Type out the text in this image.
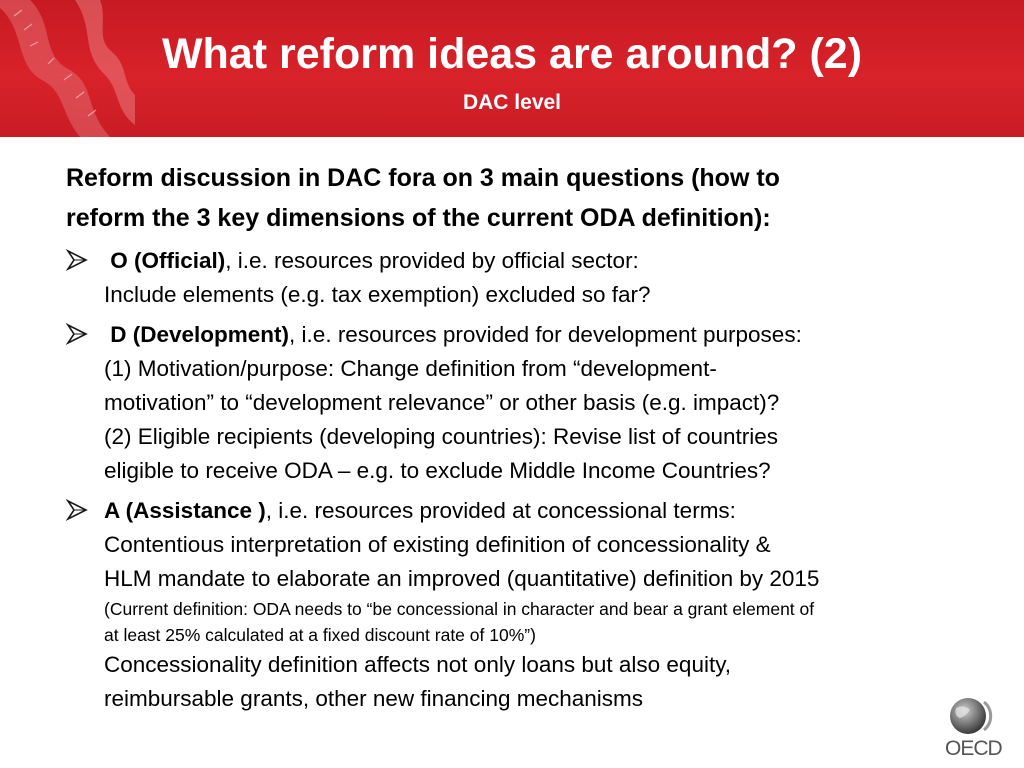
What reform ideas are around? (2)
DAC level
Reform discussion in DAC fora on 3 main questions (how to
reform the 3 key dimensions of the current ODA definition):
O (Official), i.e. resources provided by official sector:
Include elements (e.g. tax exemption) excluded so far?
D (Development), i.e. resources provided for development purposes:
(1) Motivation/purpose: Change definition from “development-
motivation” to “development relevance” or other basis (e.g. impact)?
(2) Eligible recipients (developing countries): Revise list of countries
eligible to receive ODA – e.g. to exclude Middle Income Countries?
A (Assistance ), i.e. resources provided at concessional terms:
Contentious interpretation of existing definition of concessionality &
HLM mandate to elaborate an improved (quantitative) definition by 2015
(Current definition: ODA needs to “be concessional in character and bear a grant element of
at least 25% calculated at a fixed discount rate of 10%”)
Concessionality definition affects not only loans but also equity,
reimbursable grants, other new financing mechanisms
OECD
